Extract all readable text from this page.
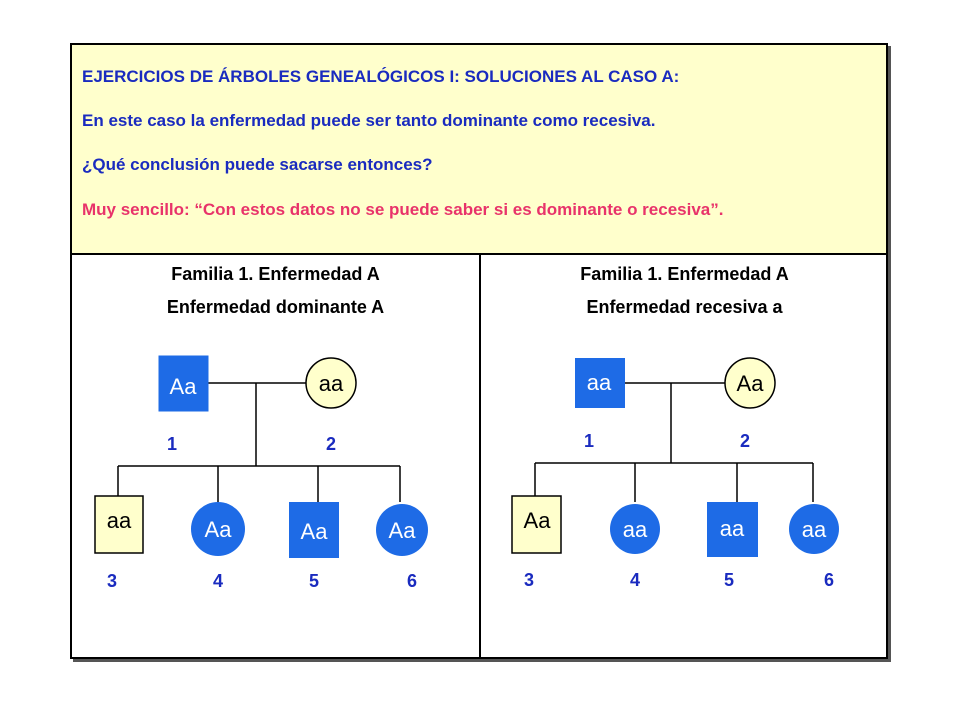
EJERCICIOS DE ÁRBOLES GENEALÓGICOS I: SOLUCIONES AL CASO A:
En este caso la enfermedad puede ser tanto dominante como recesiva.
¿Qué conclusión puede sacarse entonces?
Muy sencillo: “Con estos datos no se puede saber si es dominante o recesiva”.
Familia 1. Enfermedad A
Enfermedad dominante A
Aa
1
aa
2
aa
3
Aa
4
Aa
5
Aa
6
Familia 1. Enfermedad A
Enfermedad recesiva a
aa
1
Aa
2
Aa
3
aa
4
aa
5
aa
6
